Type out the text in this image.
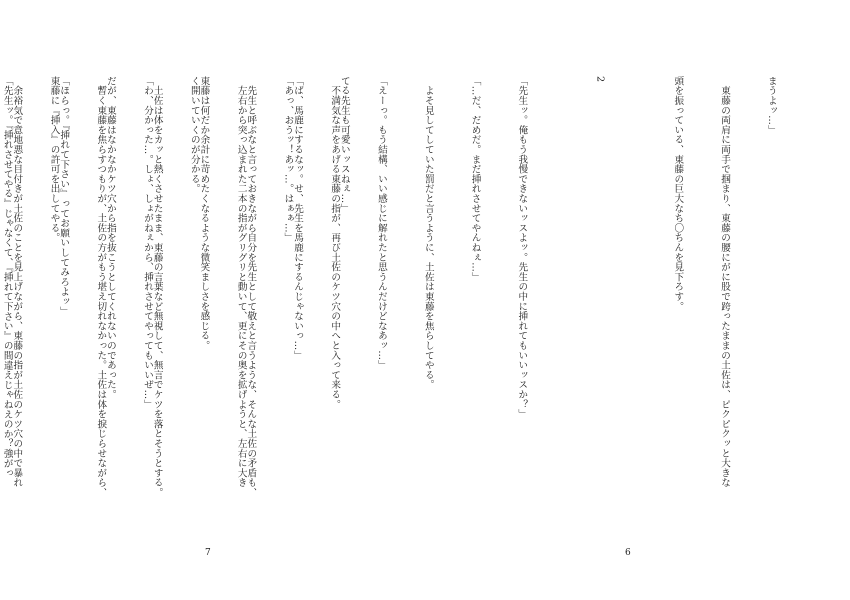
てる先生も可愛いッスねぇ…」

「ば、馬鹿にするなッ。せ、先生を馬鹿にするんじゃないっ…」

　先生と呼ぶなと言っておきながら自分を先生として敬えと言うような、そんな土佐の矛盾も、

東藤は何だか余計に苛めたくなるような微笑ましさを感じる。

　土佐は体をカッと熱くさせたまま、東藤の言葉など無視して、無言でケツを落とそうとする。

だが、東藤はなかなかケツ穴から指を抜こうとしてくれないのであった。

「ほらっ。『挿れて下さい』ってお願いしてみろよッ」

　余裕気で意地悪な目付きが土佐のことを見上げながら、東藤の指が土佐のケツ穴の中で暴れ

7

まうよッ…」

　東藤の両肩に両手で掴まり、東藤の腰にがに股で跨ったままの土佐は、ピクピクッと大きな

頭を振っている、東藤の巨大なち〇ちんを見下ろす。

2

「先生ッ。俺もう我慢できないッスよッ。先生の中に挿れてもいいッスか？」

「…だ、だめだ。まだ挿れさせてやんねぇ…」

　よそ見してしていた罰だと言うように、土佐は東藤を焦らしてやる。

「えーっ。もう結構、いい感じに解れたと思うんだけどなあッ…」

　不満気な声をあげる東藤の指が、再び土佐のケツ穴の中へと入って来る。

「あっ、おうッ！あッ…。はぁぁ…」

　左右から突っ込まれた二本の指がグリグリと動いて、更にその奥を拡げようと、左右に大き

く開いていくのが分かる。

「わ、分かった…。しょ、しょがねぇから、挿れさせてやってもいいぜ…」

　暫く東藤を焦らすつもりが、土佐の方がもう堪え切れなかった。土佐は体を捩じらせながら、

東藤に『挿入』の許可を出してやる。

「先生ッ。『挿れさせてやる』じゃなくて、『挿れて下さい』の間違えじゃねえのか？強がっ

6
